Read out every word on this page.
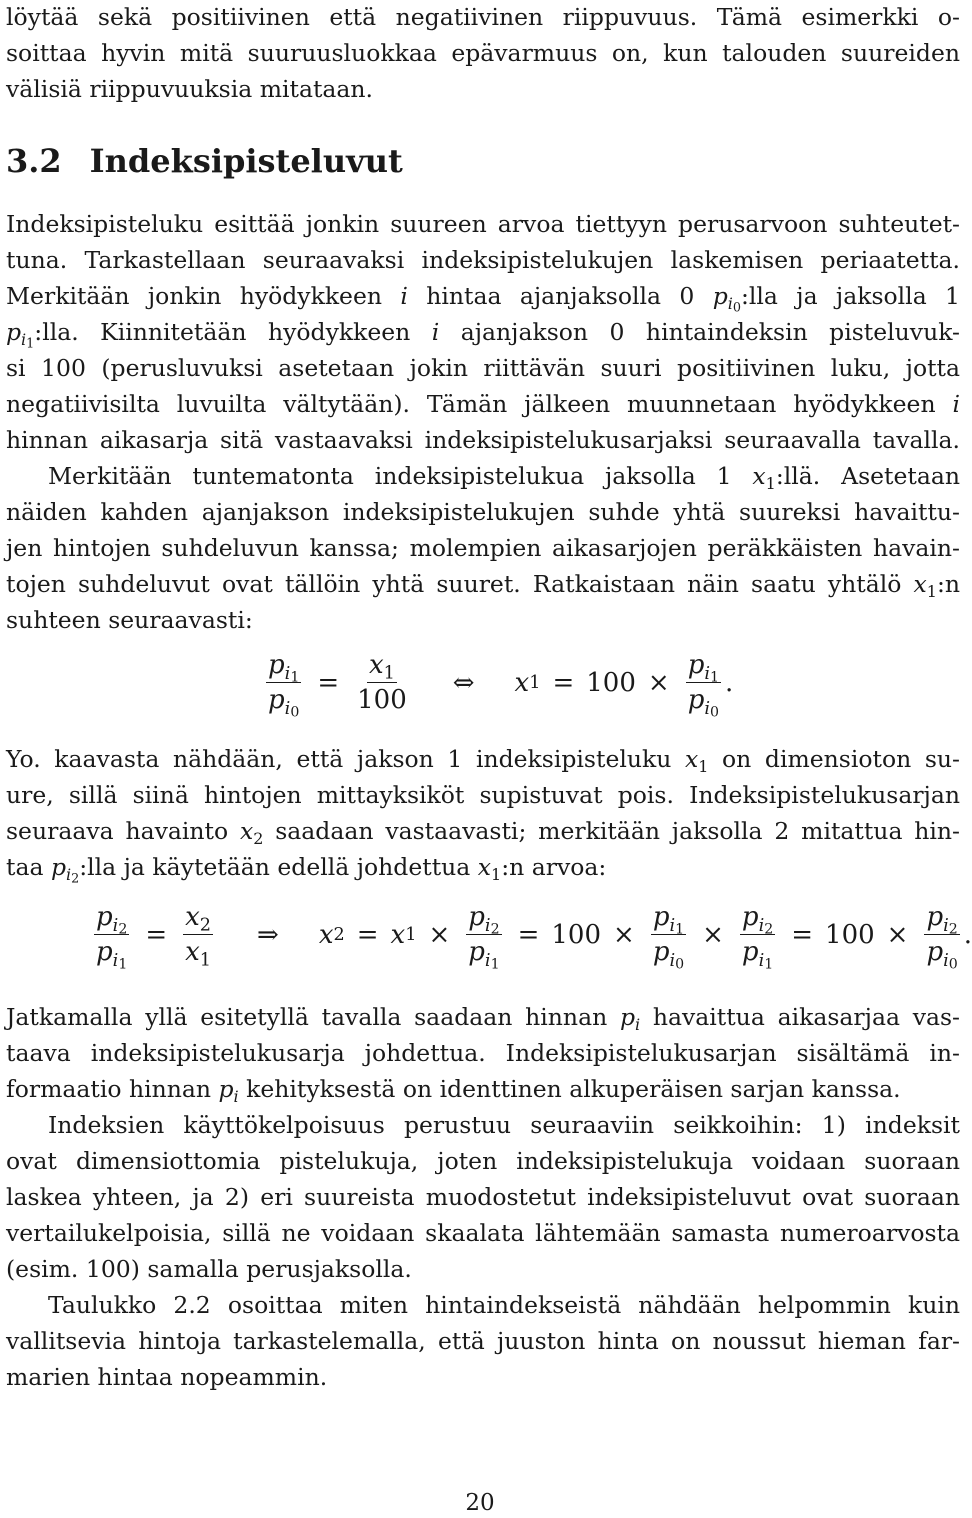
löytää sekä positiivinen että negatiivinen riippuvuus. Tämä esimerkki o-
soittaa hyvin mitä suuruusluokkaa epävarmuus on, kun talouden suureiden
välisiä riippuvuuksia mitataan.
3.2 Indeksipisteluvut
Indeksipisteluku esittää jonkin suureen arvoa tiettyyn perusarvoon suhteutet-
tuna. Tarkastellaan seuraavaksi indeksipistelukujen laskemisen periaatetta.
Merkitään jonkin hyödykkeen i hintaa ajanjaksolla 0 $p_{i_0}:lla$ ja jaksolla 1
$p_{i_1}:lla$. Kiinnitetään hyödykkeen i ajanjakson 0 hintaindeksin pisteluvuk-
si 100 (perusluvuksi asetetaan jokin riittävän suuri positiivinen luku, jotta
negatiivisilta luvuilta vältytään). Tämän jälkeen muunnetaan hyödykkeen i
hinnan aikasarja sitä vastaavaksi indeksipistelukusarjaksi seuraavalla tavalla.
Merkitään tuntematonta indeksipistelukua jaksolla 1 $x_1:llä$. Asetetaan
näiden kahden ajanjakson indeksipistelukujen suhde yhtä suureksi havaittu-
jen hintojen suhdeluvun kanssa; molempien aikasarjojen peräkkäisten havain-
tojen suhdeluvut ovat tällöin yhtä suuret. Ratkaistaan näin saatu yhtälö $x_1:n$
suhteen seuraavasti:
$\frac{p_{i_1}}{p_{i_0}} = \frac{x_1}{100}$ ⇔ x $1 = 100 \times \frac{p_{i_1}}{p_{i_0}}$ .
Yo. kaavasta nähdään, että jakson 1 indeksipisteluku $x_1$ on dimensioton su-
ure, sillä siinä hintojen mittayksiköt supistuvat pois. Indeksipistelukusarjan
seuraava havainto $x_2$ saadaan vastaavasti; merkitään jaksolla 2 mitattua hin-
taa $p_{i_2}:lla$ ja käytetään edellä johdettua $x_1:n$ arvoa:
$\frac{p_{i_2}}{p_{i_1}} = \frac{x_2}{x_1}$ ⇒ x 2 = x $1 \times \frac{p_{i_2}}{p_{i_1}} = 100 \times \frac{p_{i_1}}{p_{i_0}} \times \frac{p_{i_2}}{p_{i_1}} = 100 \times \frac{p_{i_2}}{p_{i_0}}$ .
Jatkamalla yllä esitetyllä tavalla saadaan hinnan $p_i$ havaittua aikasarjaa vas-
taava indeksipistelukusarja johdettua. Indeksipistelukusarjan sisältämä in-
formaatio hinnan $p_i$ kehityksestä on identtinen alkuperäisen sarjan kanssa.
Indeksien käyttökelpoisuus perustuu seuraaviin seikkoihin: 1) indeksit
ovat dimensiottomia pistelukuja, joten indeksipistelukuja voidaan suoraan
laskea yhteen, ja 2) eri suureista muodostetut indeksipisteluvut ovat suoraan
vertailukelpoisia, sillä ne voidaan skaalata lähtemään samasta numeroarvosta
(esim. 100) samalla perusjaksolla.
Taulukko 2.2 osoittaa miten hintaindekseistä nähdään helpommin kuin
vallitsevia hintoja tarkastelemalla, että juuston hinta on noussut hieman far-
marien hintaa nopeammin.
20
